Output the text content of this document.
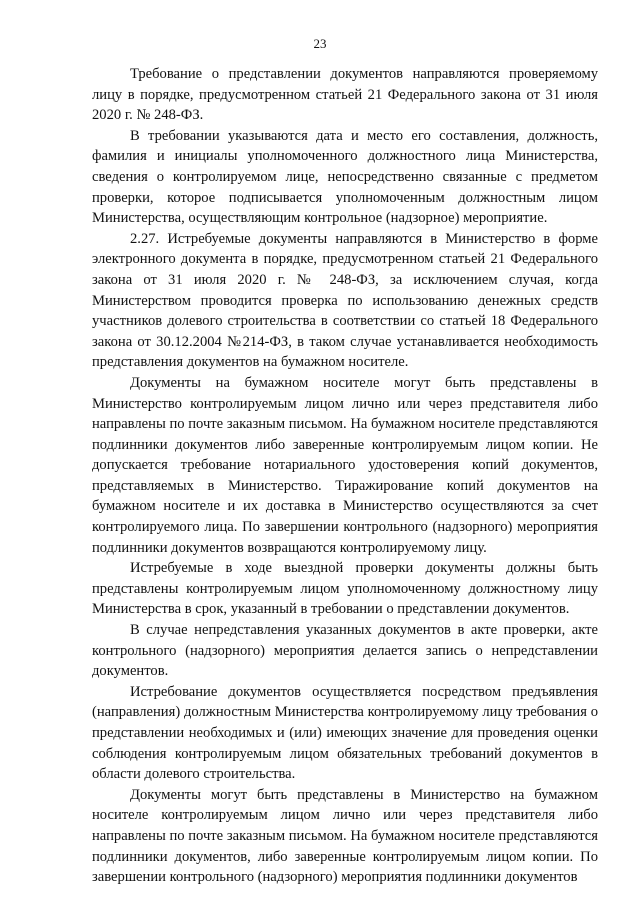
23

Требование о представлении документов направляются проверяемому лицу в порядке, предусмотренном статьей 21 Федерального закона от 31 июля 2020 г. № 248-ФЗ.

В требовании указываются дата и место его составления, должность, фамилия и инициалы уполномоченного должностного лица Министерства, сведения о контролируемом лице, непосредственно связанные с предметом проверки, которое подписывается уполномоченным должностным лицом Министерства, осуществляющим контрольное (надзорное) мероприятие.

2.27. Истребуемые документы направляются в Министерство в форме электронного документа в порядке, предусмотренном статьей 21 Федерального закона от 31 июля 2020 г. № 248-ФЗ, за исключением случая, когда Министерством проводится проверка по использованию денежных средств участников долевого строительства в соответствии со статьей 18 Федерального закона от 30.12.2004 №214-ФЗ, в таком случае устанавливается необходимость представления документов на бумажном носителе.

Документы на бумажном носителе могут быть представлены в Министерство контролируемым лицом лично или через представителя либо направлены по почте заказным письмом. На бумажном носителе представляются подлинники документов либо заверенные контролируемым лицом копии. Не допускается требование нотариального удостоверения копий документов, представляемых в Министерство. Тиражирование копий документов на бумажном носителе и их доставка в Министерство осуществляются за счет контролируемого лица. По завершении контрольного (надзорного) мероприятия подлинники документов возвращаются контролируемому лицу.

Истребуемые в ходе выездной проверки документы должны быть представлены контролируемым лицом уполномоченному должностному лицу Министерства в срок, указанный в требовании о представлении документов.

В случае непредставления указанных документов в акте проверки, акте контрольного (надзорного) мероприятия делается запись о непредставлении документов.

Истребование документов осуществляется посредством предъявления (направления) должностным Министерства контролируемому лицу требования о представлении необходимых и (или) имеющих значение для проведения оценки соблюдения контролируемым лицом обязательных требований документов в области долевого строительства.

Документы могут быть представлены в Министерство на бумажном носителе контролируемым лицом лично или через представителя либо направлены по почте заказным письмом. На бумажном носителе представляются подлинники документов, либо заверенные контролируемым лицом копии. По завершении контрольного (надзорного) мероприятия подлинники документов
